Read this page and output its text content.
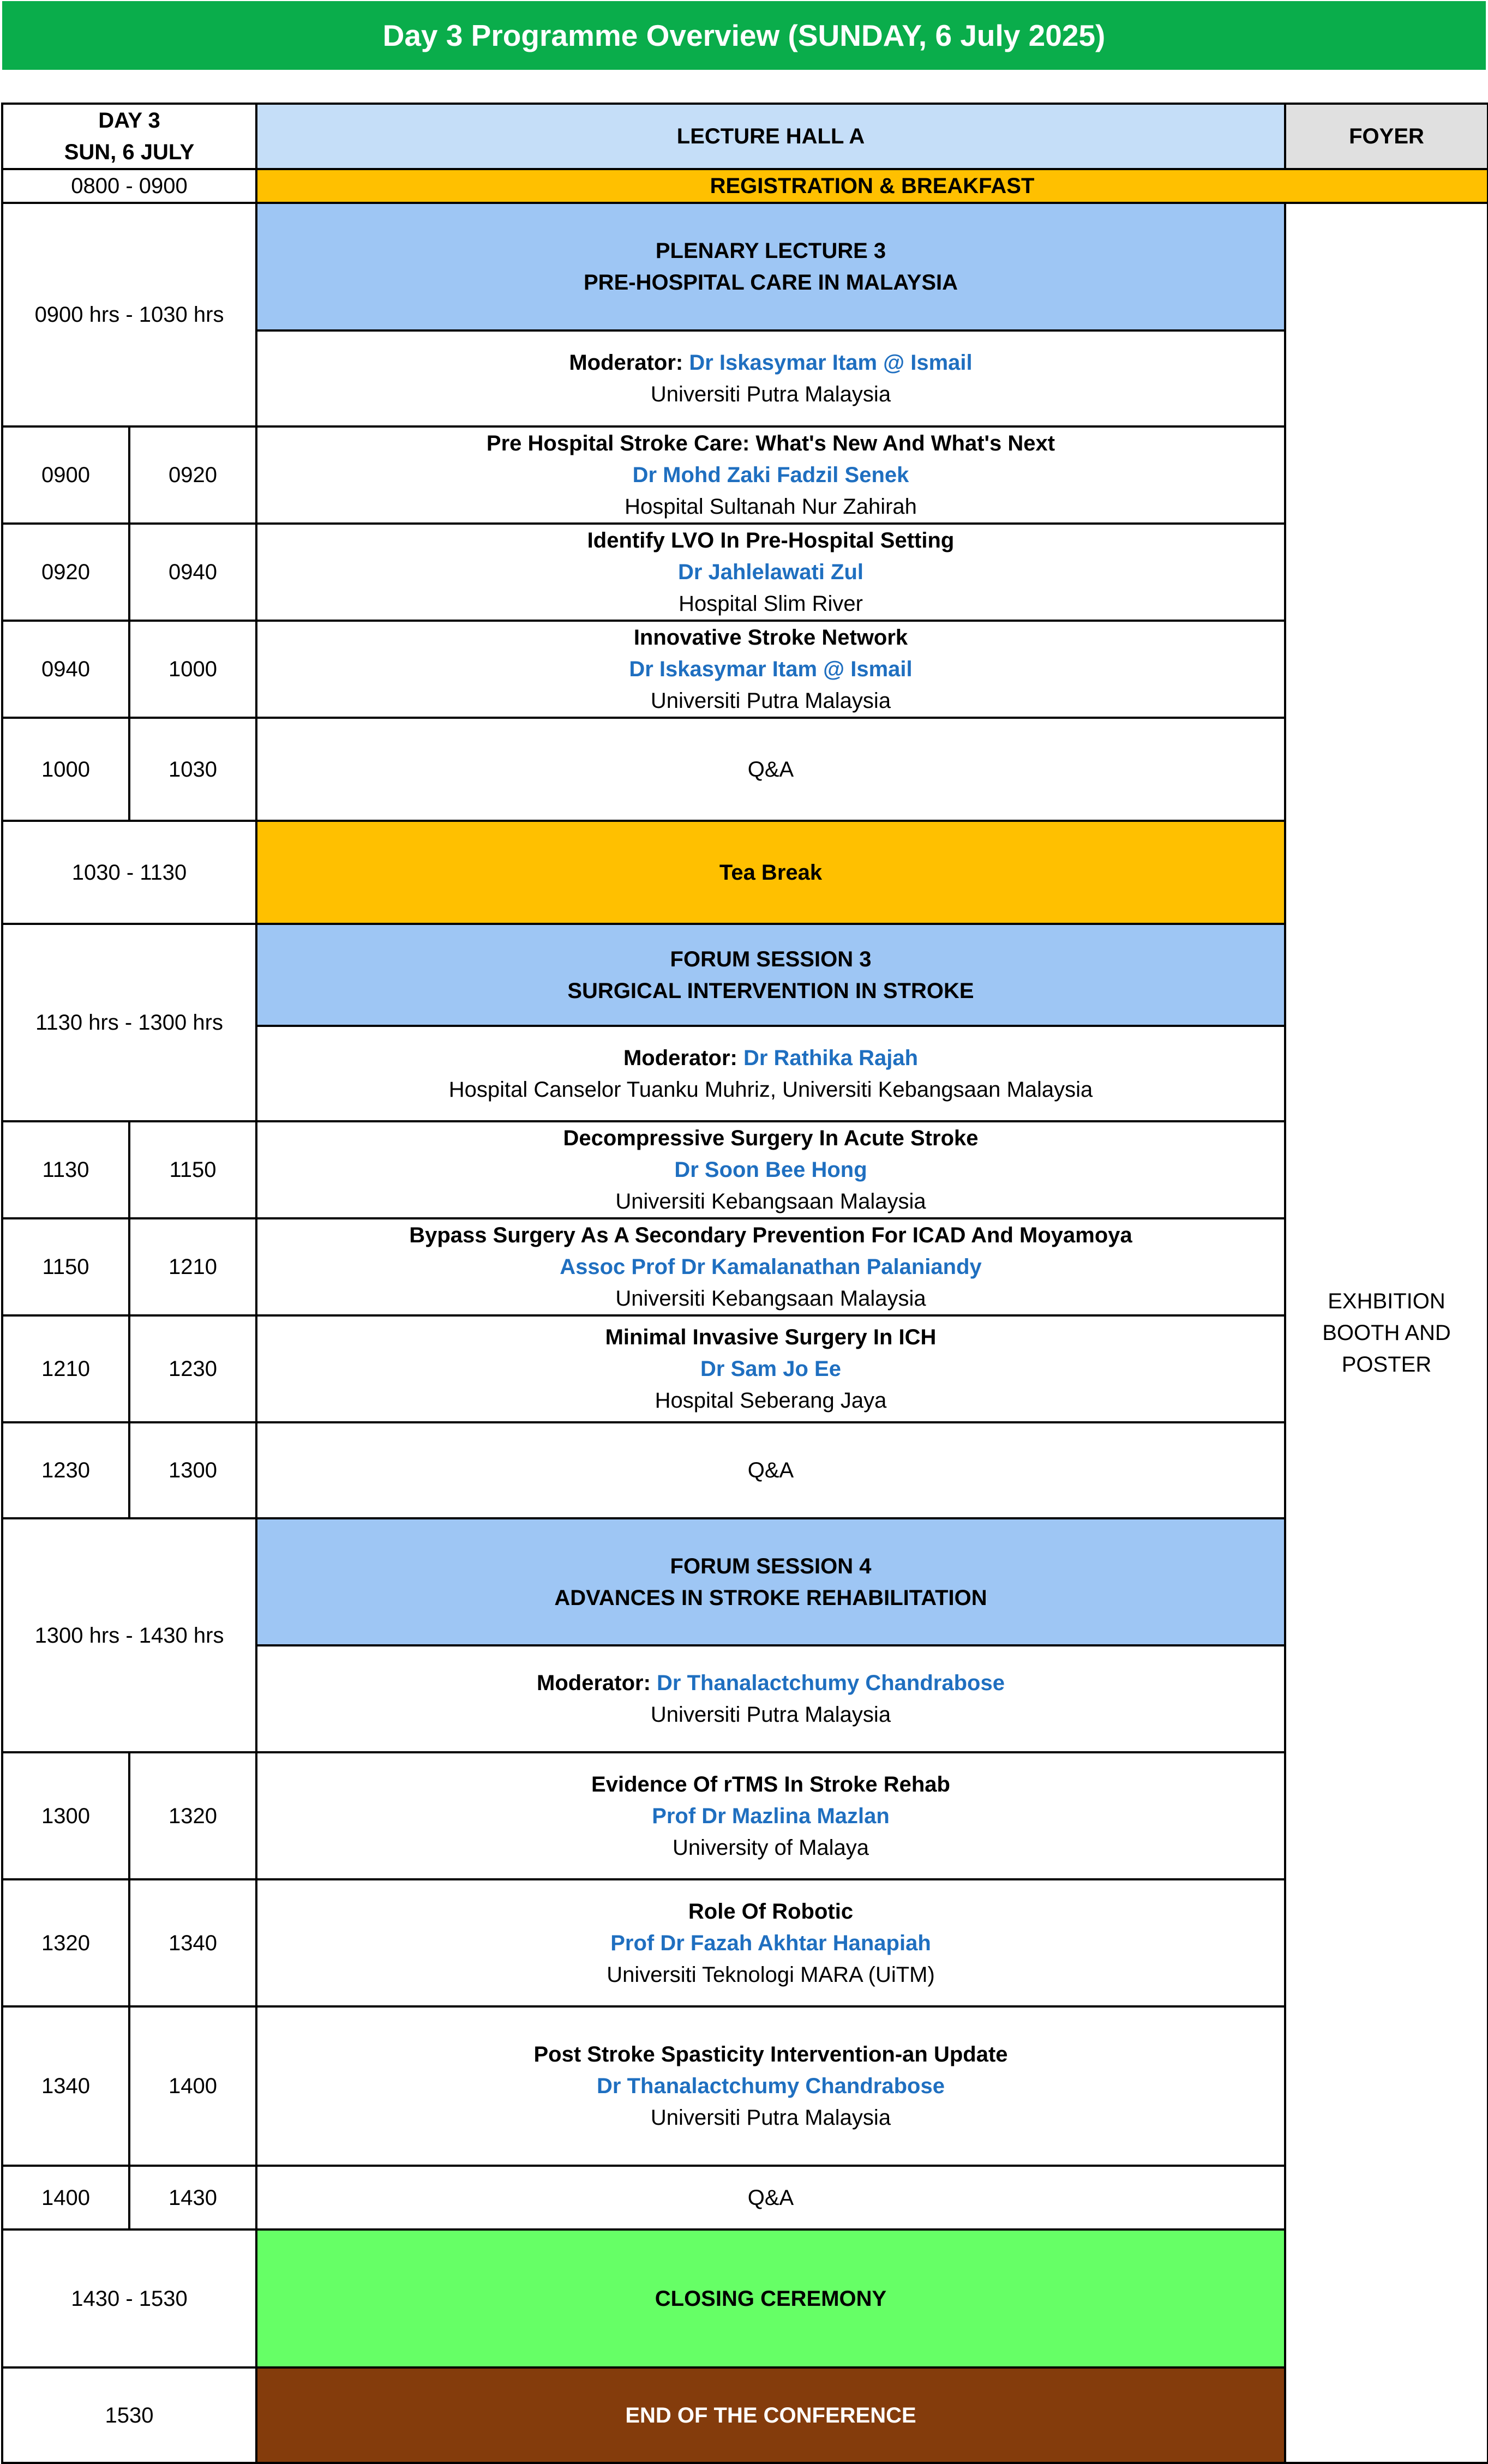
Day 3 Programme Overview (SUNDAY, 6 July 2025)
DAY 3
SUN, 6 JULY		LECTURE HALL A	FOYER
0800 - 0900		REGISTRATION & BREAKFAST	
0900 hrs - 1030 hrs		PLENARY LECTURE 3
PRE-HOSPITAL CARE IN MALAYSIA	EXHBITION BOOTH AND POSTER
		Moderator: Dr Iskasymar Itam @ Ismail
Universiti Putra Malaysia	

0900	0920	Pre Hospital Stroke Care: What's New And What's Next
Dr Mohd Zaki Fadzil Senek
Hospital Sultanah Nur Zahirah	

0920	0940	Identify LVO In Pre-Hospital Setting
Dr Jahlelawati Zul
Hospital Slim River	

0940	1000	Innovative Stroke Network
Dr Iskasymar Itam @ Ismail
Universiti Putra Malaysia	

1000	1030	Q&A	
1030 - 1130		Tea Break	
1130 hrs - 1300 hrs		FORUM SESSION 3
SURGICAL INTERVENTION IN STROKE	

		Moderator: Dr Rathika Rajah
Hospital Canselor Tuanku Muhriz, Universiti Kebangsaan Malaysia	

1130	1150	Decompressive Surgery In Acute Stroke
Dr Soon Bee Hong
Universiti Kebangsaan Malaysia	

1150	1210	Bypass Surgery As A Secondary Prevention For ICAD And Moyamoya
Assoc Prof Dr Kamalanathan Palaniandy
Universiti Kebangsaan Malaysia	

1210	1230	Minimal Invasive Surgery In ICH
Dr Sam Jo Ee
Hospital Seberang Jaya	

1230	1300	Q&A	
1300 hrs - 1430 hrs		FORUM SESSION 4
ADVANCES IN STROKE REHABILITATION	

		Moderator: Dr Thanalactchumy Chandrabose
Universiti Putra Malaysia	

1300	1320	Evidence Of rTMS In Stroke Rehab
Prof Dr Mazlina Mazlan
University of Malaya	

1320	1340	Role Of Robotic
Prof Dr Fazah Akhtar Hanapiah
Universiti Teknologi MARA (UiTM)	

1340	1400	Post Stroke Spasticity Intervention-an Update
Dr Thanalactchumy Chandrabose
Universiti Putra Malaysia	

1400	1430	Q&A	
1430 - 1530		CLOSING CEREMONY	
1530		END OF THE CONFERENCE	
